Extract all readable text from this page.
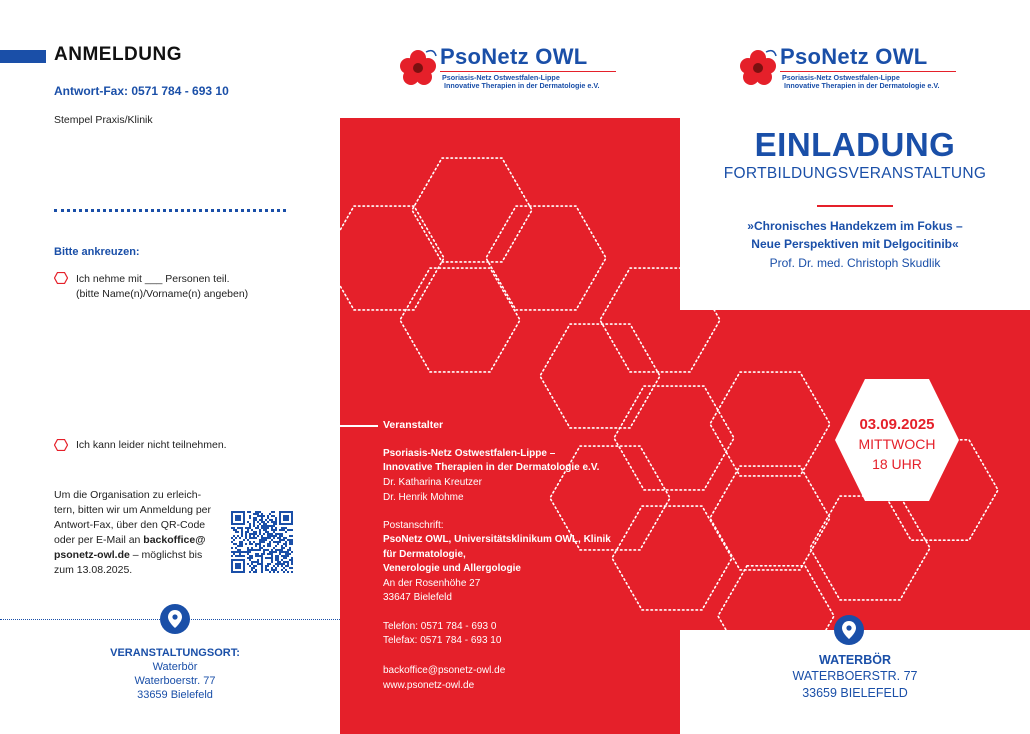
ANMELDUNG
Antwort-Fax: 0571 784 - 693 10
Stempel Praxis/Klinik
Bitte ankreuzen:
Ich nehme mit ___ Personen teil.
(bitte Name(n)/Vorname(n) angeben)
Ich kann leider nicht teilnehmen.
Um die Organisation zu erleich-
tern, bitten wir um Anmeldung per
Antwort-Fax, über den QR-Code
oder per E-Mail an backoffice@
psonetz-owl.de – möglichst bis
zum 13.08.2025.
VERANSTALTUNGSORT:
Waterbör
Waterboerstr. 77
33659 Bielefeld
PsoNetz OWL
Psoriasis-Netz Ostwestfalen-Lippe
Innovative Therapien in der Dermatologie e.V.
PsoNetz OWL
Psoriasis-Netz Ostwestfalen-Lippe
Innovative Therapien in der Dermatologie e.V.
Veranstalter
Psoriasis-Netz Ostwestfalen-Lippe –
Innovative Therapien in der Dermatologie e.V.
Dr. Katharina Kreutzer
Dr. Henrik Mohme
Postanschrift:
PsoNetz OWL, Universitätsklinikum OWL, Klinik
für Dermatologie,
Venerologie und Allergologie
An der Rosenhöhe 27
33647 Bielefeld
Telefon: 0571 784 - 693 0
Telefax: 0571 784 - 693 10
backoffice@psonetz-owl.de
www.psonetz-owl.de
EINLADUNG
FORTBILDUNGSVERANSTALTUNG
»Chronisches Handekzem im Fokus –
Neue Perspektiven mit Delgocitinib«
Prof. Dr. med. Christoph Skudlik
03.09.2025
MITTWOCH
18 UHR
WATERBÖR
WATERBOERSTR. 77
33659 BIELEFELD
